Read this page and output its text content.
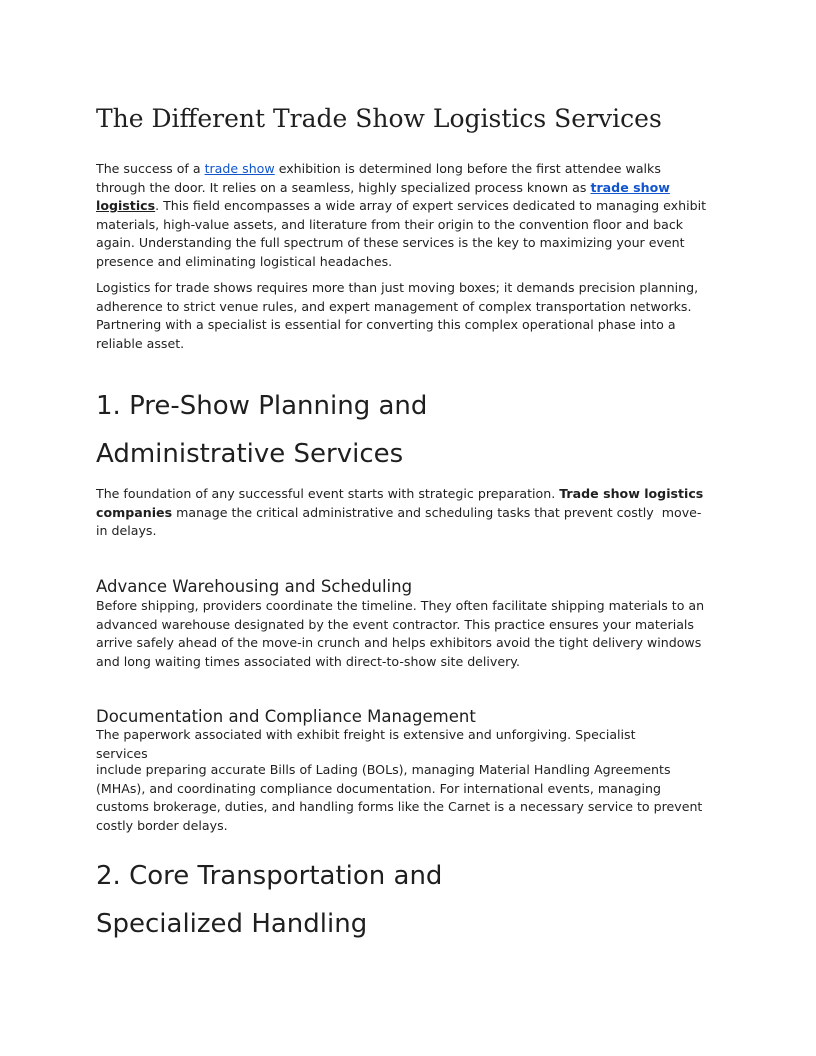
The Different Trade Show Logistics Services

The success of a trade show exhibition is determined long before the first attendee walks through the door. It relies on a seamless, highly specialized process known as trade show logistics. This field encompasses a wide array of expert services dedicated to managing exhibit materials, high-value assets, and literature from their origin to the convention floor and back again. Understanding the full spectrum of these services is the key to maximizing your event presence and eliminating logistical headaches.

Logistics for trade shows requires more than just moving boxes; it demands precision planning, adherence to strict venue rules, and expert management of complex transportation networks. Partnering with a specialist is essential for converting this complex operational phase into a reliable asset.

1. Pre-Show Planning and
Administrative Services

The foundation of any successful event starts with strategic preparation. Trade show logistics companies manage the critical administrative and scheduling tasks that prevent costly  move-in delays.

Advance Warehousing and Scheduling

Before shipping, providers coordinate the timeline. They often facilitate shipping materials to an advanced warehouse designated by the event contractor. This practice ensures your materials arrive safely ahead of the move-in crunch and helps exhibitors avoid the tight delivery windows and long waiting times associated with direct-to-show site delivery.

Documentation and Compliance Management

The paperwork associated with exhibit freight is extensive and unforgiving. Specialist services

include preparing accurate Bills of Lading (BOLs), managing Material Handling Agreements (MHAs), and coordinating compliance documentation. For international events, managing customs brokerage, duties, and handling forms like the Carnet is a necessary service to prevent costly border delays.

2. Core Transportation and
Specialized Handling
